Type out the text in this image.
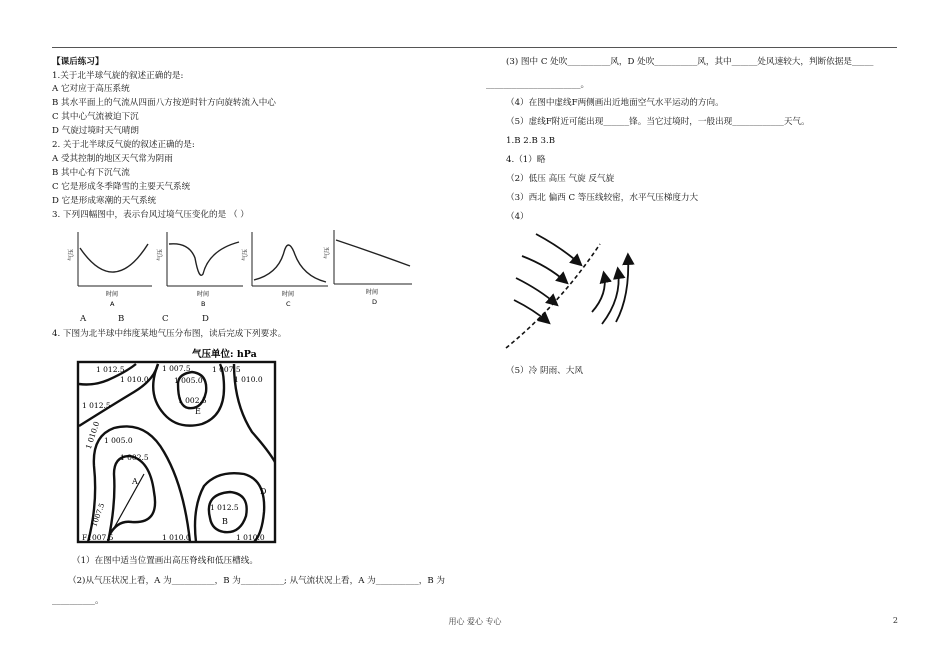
【课后练习】
1.关于北半球气旋的叙述正确的是:
A 它对应于高压系统
B 其水平面上的气流从四面八方按逆时针方向旋转流入中心
C 其中心气流被迫下沉
D 气旋过境时天气晴朗
2. 关于北半球反气旋的叙述正确的是:
A 受其控制的地区天气常为阴雨
B 其中心有下沉气流
C 它是形成冬季降雪的主要天气系统
D 它是形成寒潮的天气系统
3. 下列四幅图中，表示台风过境气压变化的是 （ ）
气压
时间
A
气压
时间
B
气压
时间
C
气压
时间
D
A	B	C	D
4. 下图为北半球中纬度某地气压分布图，读后完成下列要求。
气压单位: hPa
1 012.5
1 010.0
1 007.5	1 007.5
1 010.0
1 005.0
1 002.5
E
1 012.5
1 010.0 1 005.0
1 002.5
A
D
1 012.5
B
F1007.5	1 010.0	1 010.0
1007.5
（1）在图中适当位置画出高压脊线和低压槽线。
（2)从气压状况上看，A 为__________，B 为__________; 从气流状况上看，A 为__________，B 为
__________。
(3) 图中 C 处吹__________风，D 处吹__________风，其中______处风速较大，判断依据是_____
______________________。
（4）在图中虚线F两侧画出近地面空气水平运动的方向。
（5）虚线F附近可能出现______锋。当它过境时，一般出现____________天气。
1.B 2.B 3.B
4.（1）略
（2）低压 高压 气旋 反气旋
（3）西北 偏西 C 等压线较密，水平气压梯度力大
（4）
（5）冷 阴雨、大风
用心 爱心 专心	2
